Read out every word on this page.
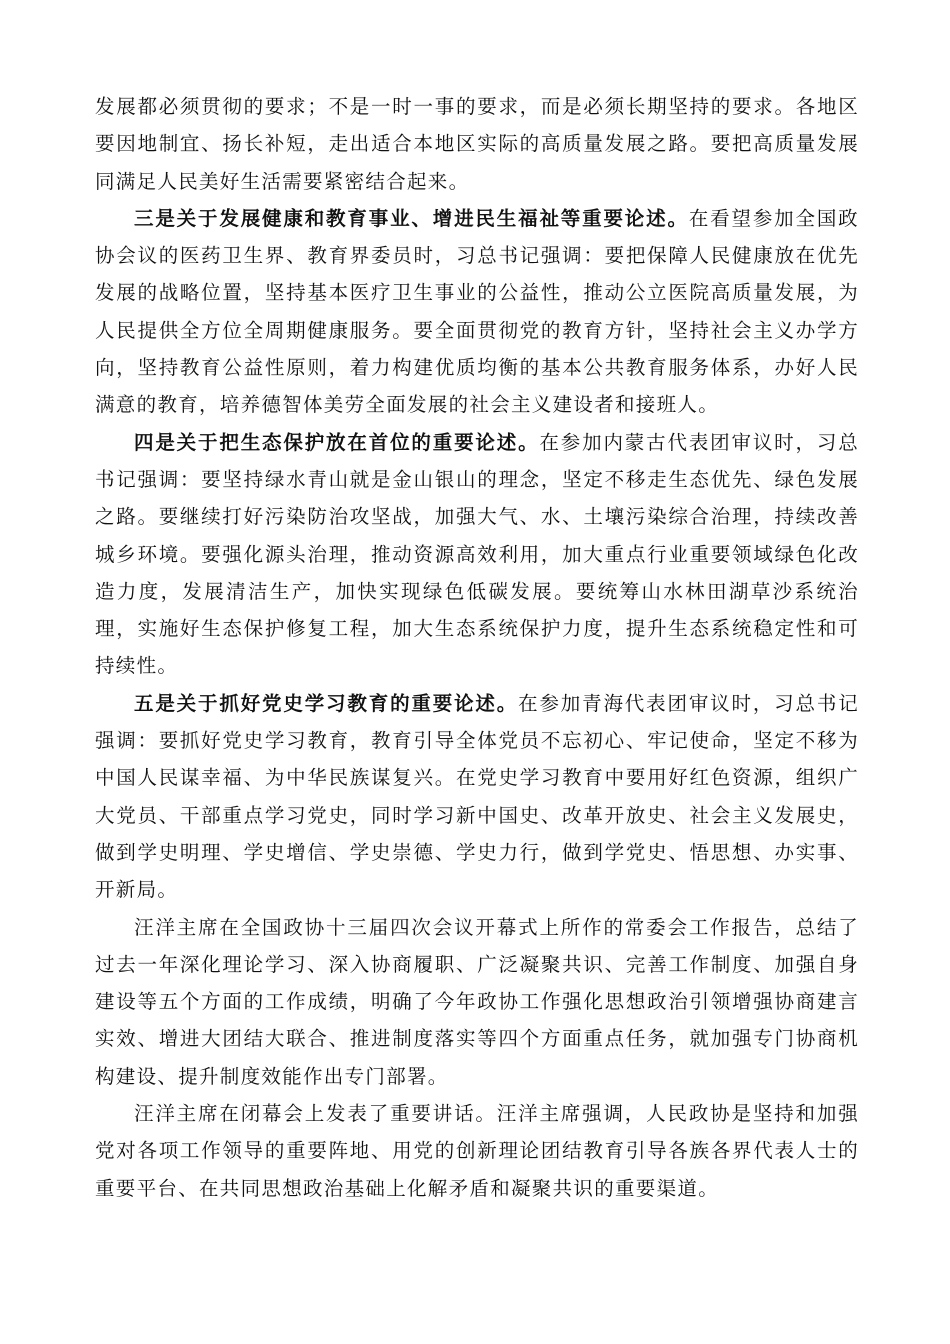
发展都必须贯彻的要求；不是一时一事的要求，而是必须长期坚持的要求。各地区要因地制宜、扬长补短，走出适合本地区实际的高质量发展之路。要把高质量发展同满足人民美好生活需要紧密结合起来。

三是关于发展健康和教育事业、增进民生福祉等重要论述。在看望参加全国政协会议的医药卫生界、教育界委员时，习总书记强调：要把保障人民健康放在优先发展的战略位置，坚持基本医疗卫生事业的公益性，推动公立医院高质量发展，为人民提供全方位全周期健康服务。要全面贯彻党的教育方针，坚持社会主义办学方向，坚持教育公益性原则，着力构建优质均衡的基本公共教育服务体系，办好人民满意的教育，培养德智体美劳全面发展的社会主义建设者和接班人。

四是关于把生态保护放在首位的重要论述。在参加内蒙古代表团审议时，习总书记强调：要坚持绿水青山就是金山银山的理念，坚定不移走生态优先、绿色发展之路。要继续打好污染防治攻坚战，加强大气、水、土壤污染综合治理，持续改善城乡环境。要强化源头治理，推动资源高效利用，加大重点行业重要领域绿色化改造力度，发展清洁生产，加快实现绿色低碳发展。要统筹山水林田湖草沙系统治理，实施好生态保护修复工程，加大生态系统保护力度，提升生态系统稳定性和可持续性。

五是关于抓好党史学习教育的重要论述。在参加青海代表团审议时，习总书记强调：要抓好党史学习教育，教育引导全体党员不忘初心、牢记使命，坚定不移为中国人民谋幸福、为中华民族谋复兴。在党史学习教育中要用好红色资源，组织广大党员、干部重点学习党史，同时学习新中国史、改革开放史、社会主义发展史，做到学史明理、学史增信、学史崇德、学史力行，做到学党史、悟思想、办实事、开新局。

汪洋主席在全国政协十三届四次会议开幕式上所作的常委会工作报告，总结了过去一年深化理论学习、深入协商履职、广泛凝聚共识、完善工作制度、加强自身建设等五个方面的工作成绩，明确了今年政协工作强化思想政治引领增强协商建言实效、增进大团结大联合、推进制度落实等四个方面重点任务，就加强专门协商机构建设、提升制度效能作出专门部署。

汪洋主席在闭幕会上发表了重要讲话。汪洋主席强调，人民政协是坚持和加强党对各项工作领导的重要阵地、用党的创新理论团结教育引导各族各界代表人士的重要平台、在共同思想政治基础上化解矛盾和凝聚共识的重要渠道。
